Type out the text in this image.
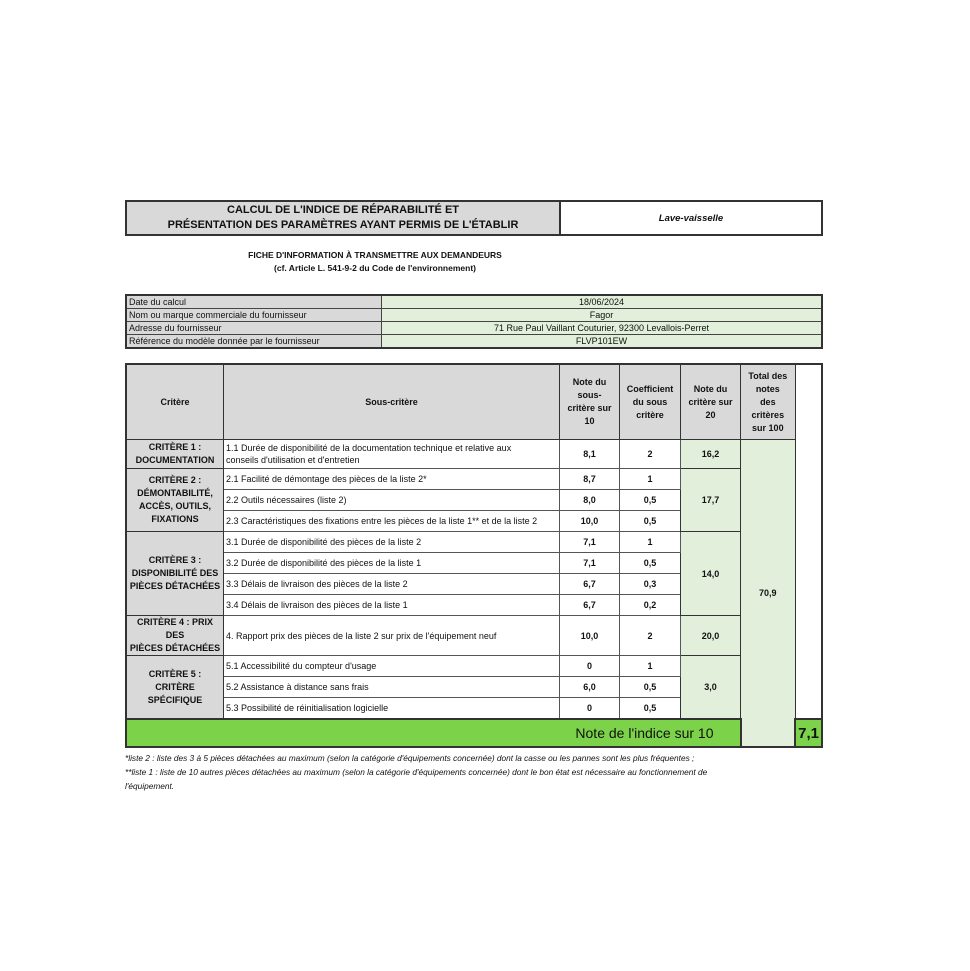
CALCUL DE L'INDICE DE RÉPARABILITÉ ET
PRÉSENTATION DES PARAMÈTRES AYANT PERMIS DE L'ÉTABLIR
Lave-vaisselle
FICHE D'INFORMATION À TRANSMETTRE AUX DEMANDEURS
(cf. Article L. 541-9-2 du Code de l'environnement)
Date du calcul	18/06/2024
Nom ou marque commerciale du fournisseur	Fagor
Adresse du fournisseur	71 Rue Paul Vaillant Couturier, 92300 Levallois-Perret
Référence du modèle donnée par le fournisseur	FLVP101EW
Critère	Sous-critère	Note du sous-
critère sur 10	Coefficient
du sous
critère	Note du
critère sur 20	Total des notes
des critères
sur 100	
CRITÈRE 1 :
DOCUMENTATION	1.1 Durée de disponibilité de la documentation technique et relative aux
conseils d'utilisation et d'entretien	8,1	2	16,2	70,9	
CRITÈRE 2 :
DÉMONTABILITÉ,
ACCÈS, OUTILS,
FIXATIONS	2.1 Facilité de démontage des pièces de la liste 2*	8,7	1	17,7		
	2.2 Outils nécessaires (liste 2)	8,0	0,5			
	2.3 Caractéristiques des fixations entre les pièces de la liste 1** et de la liste 2	10,0	0,5			
CRITÈRE 3 :
DISPONIBILITÉ DES
PIÈCES DÉTACHÉES	3.1 Durée de disponibilité des pièces de la liste 2	7,1	1	14,0		
	3.2 Durée de disponibilité des pièces de la liste 1	7,1	0,5			
	3.3 Délais de livraison des pièces de la liste 2	6,7	0,3			
	3.4 Délais de livraison des pièces de la liste 1	6,7	0,2			
CRITÈRE 4 : PRIX DES
PIÈCES DÉTACHÉES	4. Rapport prix des pièces de la liste 2 sur prix de l'équipement neuf	10,0	2	20,0		
CRITÈRE 5 : CRITÈRE
SPÉCIFIQUE	5.1 Accessibilité du compteur d'usage	0	1	3,0		
	5.2 Assistance à distance sans frais	6,0	0,5			
	5.3 Possibilité de réinitialisation logicielle	0	0,5			
Note de l'indice sur 10						7,1
*liste 2 : liste des 3 à 5 pièces détachées au maximum (selon la catégorie d'équipements concernée) dont la casse ou les pannes sont les plus fréquentes ;
**liste 1 : liste de 10 autres pièces détachées au maximum (selon la catégorie d'équipements concernée) dont le bon état est nécessaire au fonctionnement de
l'équipement.
